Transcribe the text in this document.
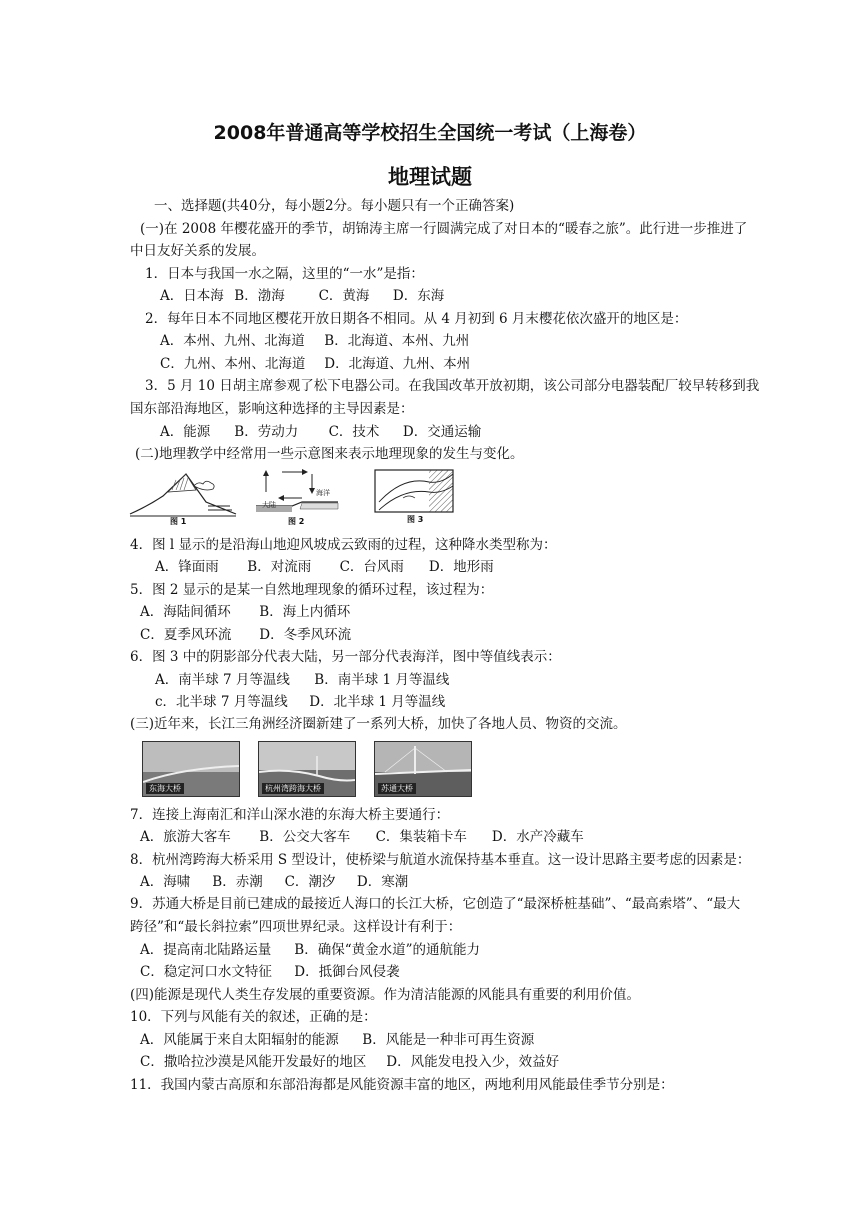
2008年普通高等学校招生全国统一考试（上海卷）
地理试题
一、选择题(共40分，每小题2分。每小题只有一个正确答案)
(一)在 2008 年樱花盛开的季节，胡锦涛主席一行圆满完成了对日本的“暖春之旅”。此行进一步推进了
中日友好关系的发展。
1．日本与我国一水之隔，这里的“一水”是指：
A．日本海 B．渤海	C．黄海 D．东海
2．每年日本不同地区樱花开放日期各不相同。从 4 月初到 6 月末樱花依次盛开的地区是：
A．本州、九州、北海道 B．北海道、本州、九州
C．九州、本州、北海道 D．北海道、九州、本州
3．5 月 10 日胡主席参观了松下电器公司。在我国改革开放初期，该公司部分电器装配厂较早转移到我
国东部沿海地区，影响这种选择的主导因素是：
A．能源 B．劳动力 C．技术 D．交通运输
(二)地理教学中经常用一些示意图来表示地理现象的发生与变化。
图 1
海洋
大陆
图 2	图 3
4．图 l 显示的是沿海山地迎风坡成云致雨的过程，这种降水类型称为：
A．锋面雨 B．对流雨 C．台风雨 D．地形雨
5．图 2 显示的是某一自然地理现象的循环过程，该过程为：
A．海陆间循环 B．海上内循环
C．夏季风环流 D．冬季风环流
6．图 3 中的阴影部分代表大陆，另一部分代表海洋，图中等值线表示：
A．南半球 7 月等温线 B．南半球 1 月等温线
c．北半球 7 月等温线 D．北半球 1 月等温线
(三)近年来，长江三角洲经济圈新建了一系列大桥，加快了各地人员、物资的交流。
东海大桥	杭州湾跨海大桥	苏通大桥
7．连接上海南汇和洋山深水港的东海大桥主要通行：
A．旅游大客车 B．公交大客车 C．集装箱卡车 D．水产冷藏车
8．杭州湾跨海大桥采用 S 型设计，使桥梁与航道水流保持基本垂直。这一设计思路主要考虑的因素是：
A．海啸 B．赤潮 C．潮汐 D．寒潮
9．苏通大桥是目前已建成的最接近人海口的长江大桥，它创造了“最深桥桩基础”、“最高索塔”、“最大
跨径”和“最长斜拉索”四项世界纪录。这样设计有利于：
A．提高南北陆路运量 B．确保“黄金水道”的通航能力
C．稳定河口水文特征 D．抵御台风侵袭
(四)能源是现代人类生存发展的重要资源。作为清洁能源的风能具有重要的利用价值。
10．下列与风能有关的叙述，正确的是：
A．风能属于来自太阳辐射的能源 B．风能是一种非可再生资源
C．撒哈拉沙漠是风能开发最好的地区 D．风能发电投入少，效益好
11．我国内蒙古高原和东部沿海都是风能资源丰富的地区，两地利用风能最佳季节分别是：
